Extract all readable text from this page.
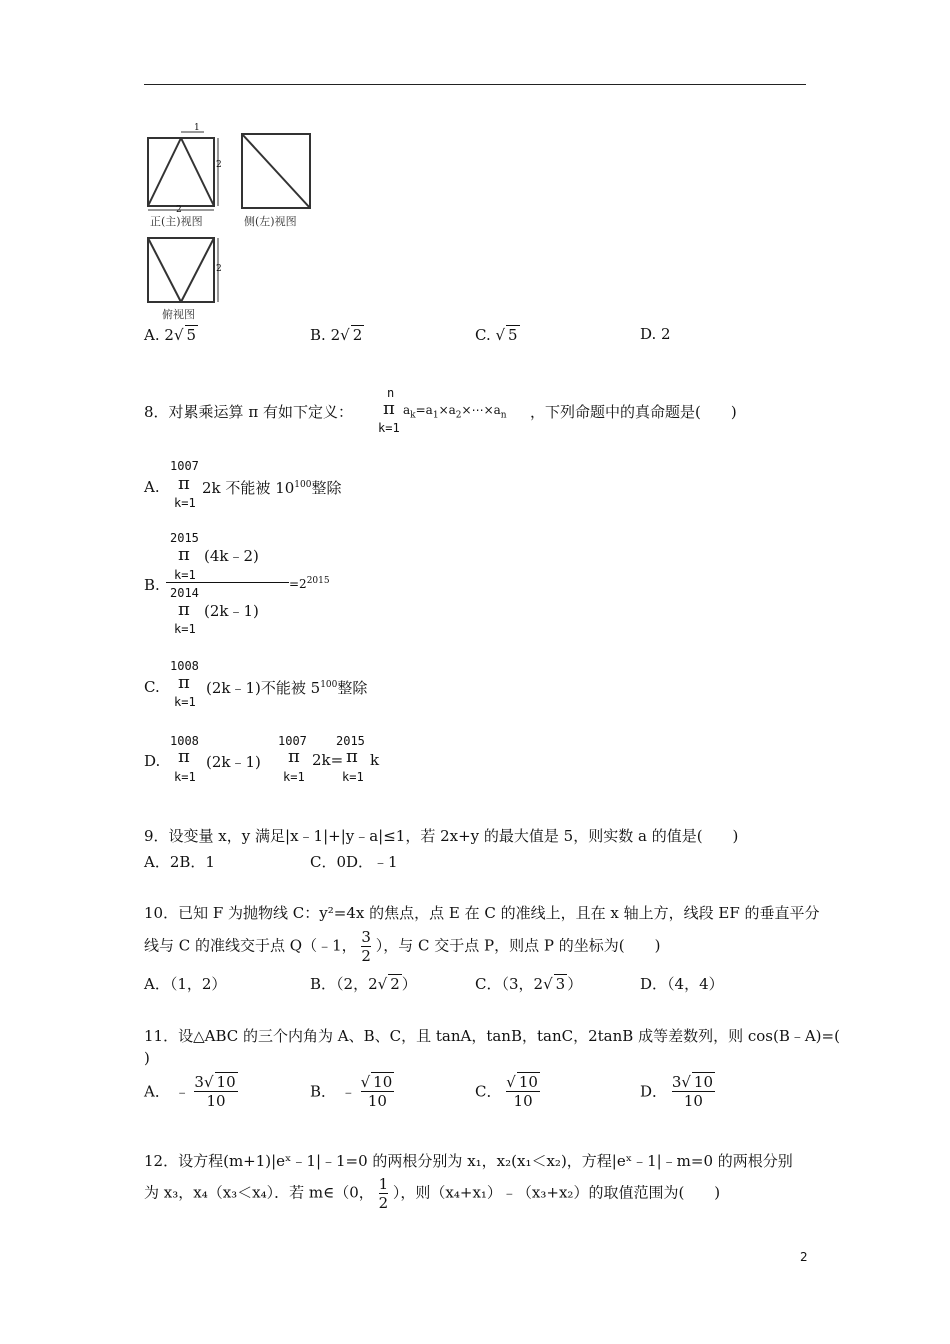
1
2
2
正(主)视图	侧(左)视图
2
俯视图
A. 2√ 5	B. 2√ 2	C. √ 5	D. 2
8．对累乘运算 π 有如下定义：
n
π
k=1
$a_k=a_1\times a_2\times\cdots\times a_n$ ，下列命题中的真命题是(　　)
1007
A. π
k=1
2k 不能被 $10^{100}$整除
2015
π (4k﹣2)
k=1
B.	$=2^{2015}$
2014
π (2k﹣1)
k=1
1008
C. π
k=1
(2k﹣1)不能被 $5^{100}$整除
1008
D. π
k=1
(2k﹣1)
1007
π
k=1
2k=
2015
π
k=1
k
9．设变量 x，y 满足|x﹣1|+|y﹣a|≤1，若 2x+y 的最大值是 5，则实数 a 的值是(　　)
A．2B．1	C．0D．﹣1
10．已知 F 为抛物线 C：y²=4x 的焦点，点 E 在 C 的准线上，且在 x 轴上方，线段 EF 的垂直平分
线与 C 的准线交于点 Q（﹣1， $\frac{3}{2}$ ），与 C 交于点 P，则点 P 的坐标为(　　)
A．（1，2）	B．（2，2√ 2 ）	C．（3，2√ 3 ）	D．（4，4）
11．设△ABC 的三个内角为 A、B、C，且 tanA，tanB，tanC，2tanB 成等差数列，则 cos(B﹣A)=(
)
A． ﹣ $\frac{3√ 10}{10}$	B． ﹣ $\frac{√ 10}{10}$	C． $\frac{√ 10}{10}$	D． $\frac{3√ 10}{10}$
12．设方程(m+1)|eˣ﹣1|﹣1=0 的两根分别为 x₁，x₂(x₁＜x₂)，方程|eˣ﹣1|﹣m=0 的两根分别
为 x₃，x₄（x₃＜x₄）．若 m∈（0， $\frac{1}{2}$ ），则（x₄+x₁）﹣（x₃+x₂）的取值范围为(　　)
2
